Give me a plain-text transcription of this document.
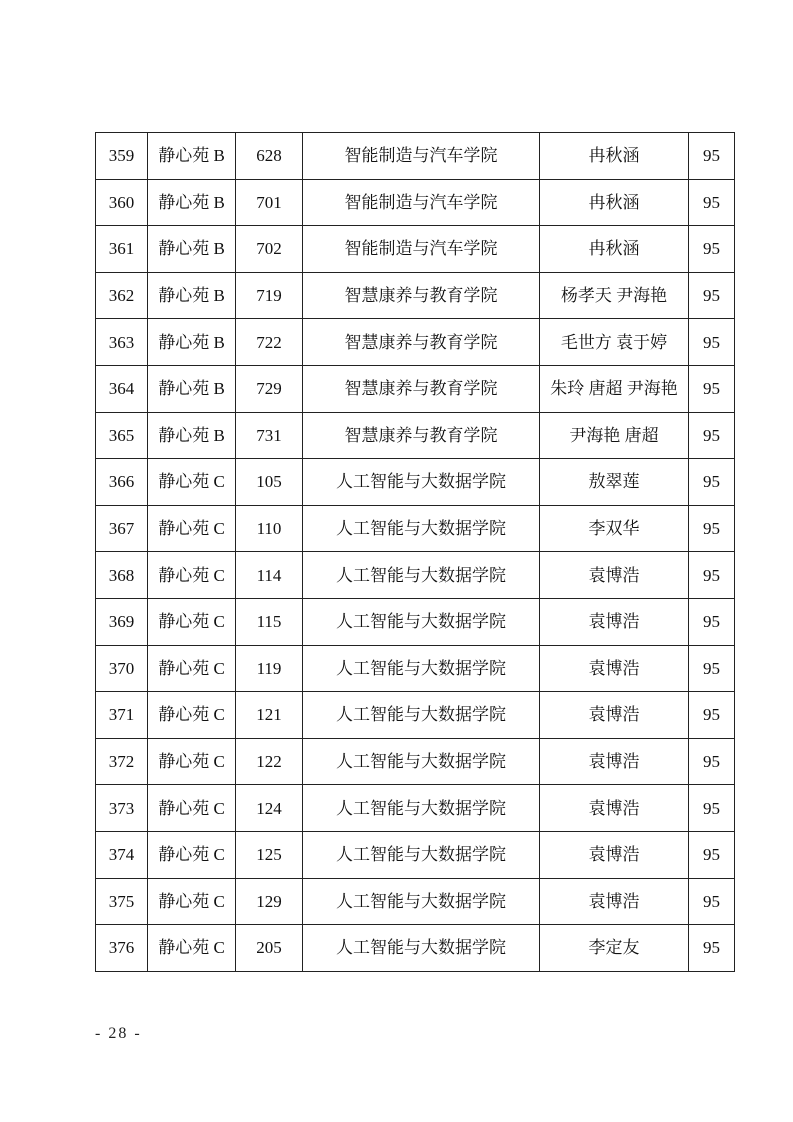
359	静心苑 B	628	智能制造与汽车学院	冉秋涵	95
360	静心苑 B	701	智能制造与汽车学院	冉秋涵	95
361	静心苑 B	702	智能制造与汽车学院	冉秋涵	95
362	静心苑 B	719	智慧康养与教育学院	杨孝天 尹海艳	95
363	静心苑 B	722	智慧康养与教育学院	毛世方 袁于婷	95
364	静心苑 B	729	智慧康养与教育学院	朱玲 唐超 尹海艳	95
365	静心苑 B	731	智慧康养与教育学院	尹海艳 唐超	95
366	静心苑 C	105	人工智能与大数据学院	敖翠莲	95
367	静心苑 C	110	人工智能与大数据学院	李双华	95
368	静心苑 C	114	人工智能与大数据学院	袁博浩	95
369	静心苑 C	115	人工智能与大数据学院	袁博浩	95
370	静心苑 C	119	人工智能与大数据学院	袁博浩	95
371	静心苑 C	121	人工智能与大数据学院	袁博浩	95
372	静心苑 C	122	人工智能与大数据学院	袁博浩	95
373	静心苑 C	124	人工智能与大数据学院	袁博浩	95
374	静心苑 C	125	人工智能与大数据学院	袁博浩	95
375	静心苑 C	129	人工智能与大数据学院	袁博浩	95
376	静心苑 C	205	人工智能与大数据学院	李定友	95
- 28 -
